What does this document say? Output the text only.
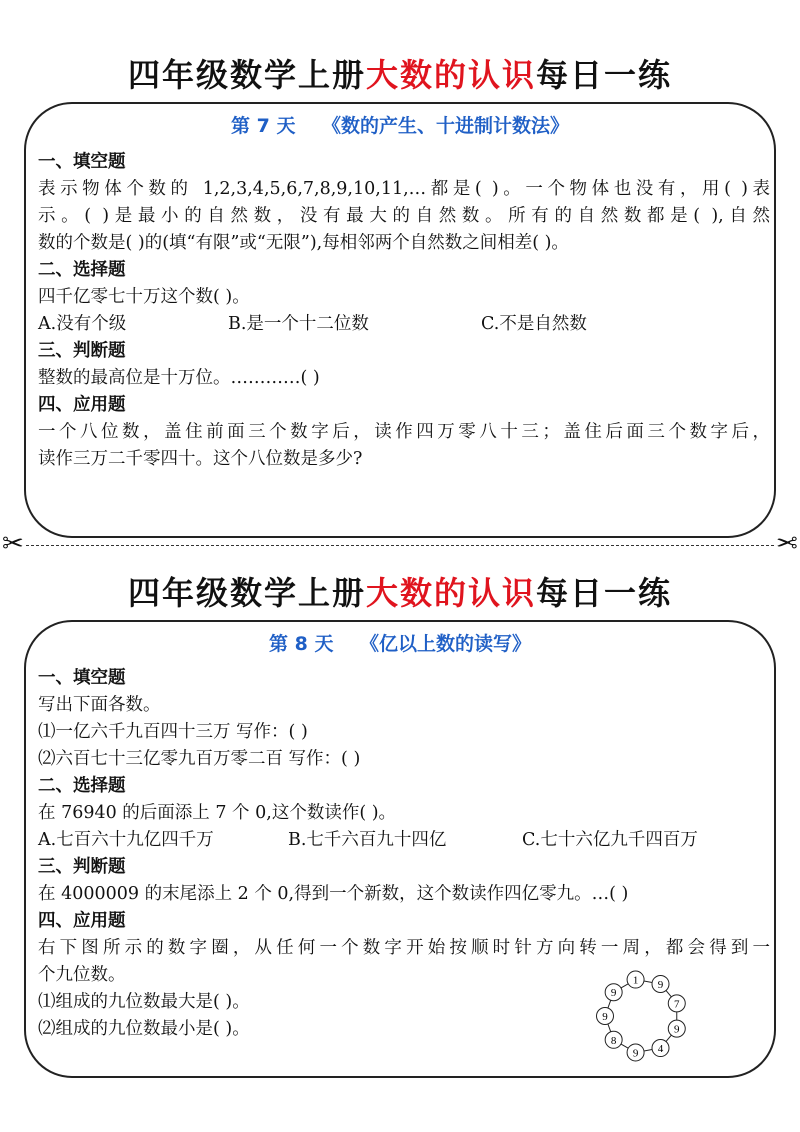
四年级数学上册大数的认识每日一练
第 7 天    《数的产生、十进制计数法》
一、填空题
表示物体个数的 1,2,3,4,5,6,7,8,9,10,11,…都是( )。一个物体也没有，用( )表
示。( )是最小的自然数，没有最大的自然数。所有的自然数都是( ),自然
数的个数是( )的(填“有限”或“无限”),每相邻两个自然数之间相差( )。
二、选择题
四千亿零七十万这个数( )。
A.没有个级	B.是一个十二位数	C.不是自然数
三、判断题
整数的最高位是十万位。…………( )
四、应用题
一个八位数，盖住前面三个数字后，读作四万零八十三；盖住后面三个数字后，
读作三万二千零四十。这个八位数是多少?
✂	✂
四年级数学上册大数的认识每日一练
第 8 天    《亿以上数的读写》
一、填空题
写出下面各数。
⑴一亿六千九百四十三万 写作：( )
⑵六百七十三亿零九百万零二百 写作：( )
二、选择题
在 76940 的后面添上 7 个 0,这个数读作( )。
A.七百六十九亿四千万	B.七千六百九十四亿	C.七十六亿九千四百万
三、判断题
在 4000009 的末尾添上 2 个 0,得到一个新数，这个数读作四亿零九。…( )
四、应用题
右下图所示的数字圈，从任何一个数字开始按顺时针方向转一周，都会得到一
个九位数。
⑴组成的九位数最大是( )。
⑵组成的九位数最小是( )。
1 9
7
9
4
9
8
9
9
